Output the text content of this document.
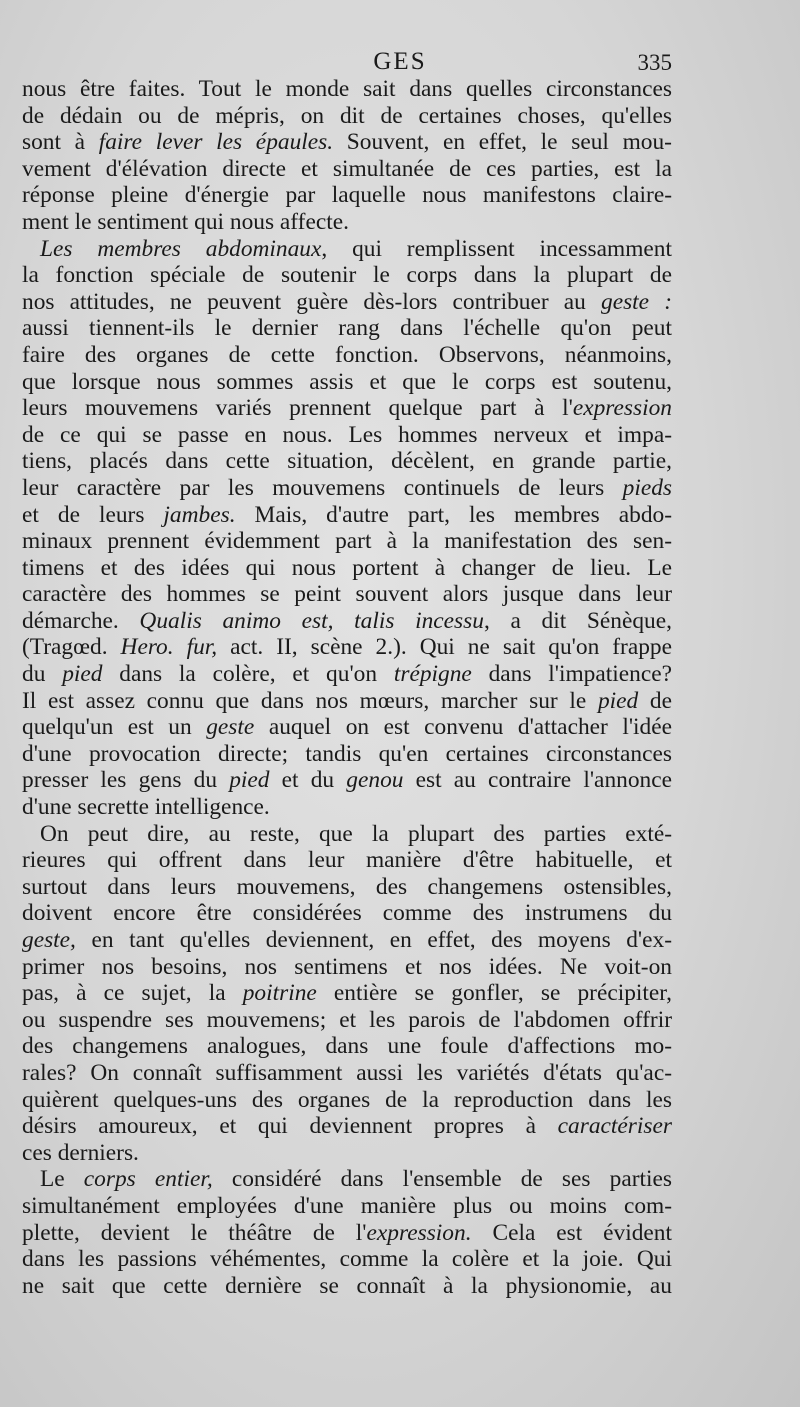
GES	335
nous être faites. Tout le monde sait dans quelles circonstances
de dédain ou de mépris, on dit de certaines choses, qu'elles
sont à faire lever les épaules. Souvent, en effet, le seul mou-
vement d'élévation directe et simultanée de ces parties, est la
réponse pleine d'énergie par laquelle nous manifestons claire-
ment le sentiment qui nous affecte.
Les membres abdominaux, qui remplissent incessamment
la fonction spéciale de soutenir le corps dans la plupart de
nos attitudes, ne peuvent guère dès-lors contribuer au geste :
aussi tiennent-ils le dernier rang dans l'échelle qu'on peut
faire des organes de cette fonction. Observons, néanmoins,
que lorsque nous sommes assis et que le corps est soutenu,
leurs mouvemens variés prennent quelque part à l'expression
de ce qui se passe en nous. Les hommes nerveux et impa-
tiens, placés dans cette situation, décèlent, en grande partie,
leur caractère par les mouvemens continuels de leurs pieds
et de leurs jambes. Mais, d'autre part, les membres abdo-
minaux prennent évidemment part à la manifestation des sen-
timens et des idées qui nous portent à changer de lieu. Le
caractère des hommes se peint souvent alors jusque dans leur
démarche. Qualis animo est, talis incessu, a dit Sénèque,
(Tragœd. Hero. fur, act. II, scène 2.). Qui ne sait qu'on frappe
du pied dans la colère, et qu'on trépigne dans l'impatience?
Il est assez connu que dans nos mœurs, marcher sur le pied de
quelqu'un est un geste auquel on est convenu d'attacher l'idée
d'une provocation directe; tandis qu'en certaines circonstances
presser les gens du pied et du genou est au contraire l'annonce
d'une secrette intelligence.
On peut dire, au reste, que la plupart des parties exté-
rieures qui offrent dans leur manière d'être habituelle, et
surtout dans leurs mouvemens, des changemens ostensibles,
doivent encore être considérées comme des instrumens du
geste, en tant qu'elles deviennent, en effet, des moyens d'ex-
primer nos besoins, nos sentimens et nos idées. Ne voit-on
pas, à ce sujet, la poitrine entière se gonfler, se précipiter,
ou suspendre ses mouvemens; et les parois de l'abdomen offrir
des changemens analogues, dans une foule d'affections mo-
rales? On connaît suffisamment aussi les variétés d'états qu'ac-
quièrent quelques-uns des organes de la reproduction dans les
désirs amoureux, et qui deviennent propres à caractériser
ces derniers.
Le corps entier, considéré dans l'ensemble de ses parties
simultanément employées d'une manière plus ou moins com-
plette, devient le théâtre de l'expression. Cela est évident
dans les passions véhémentes, comme la colère et la joie. Qui
ne sait que cette dernière se connaît à la physionomie, au
